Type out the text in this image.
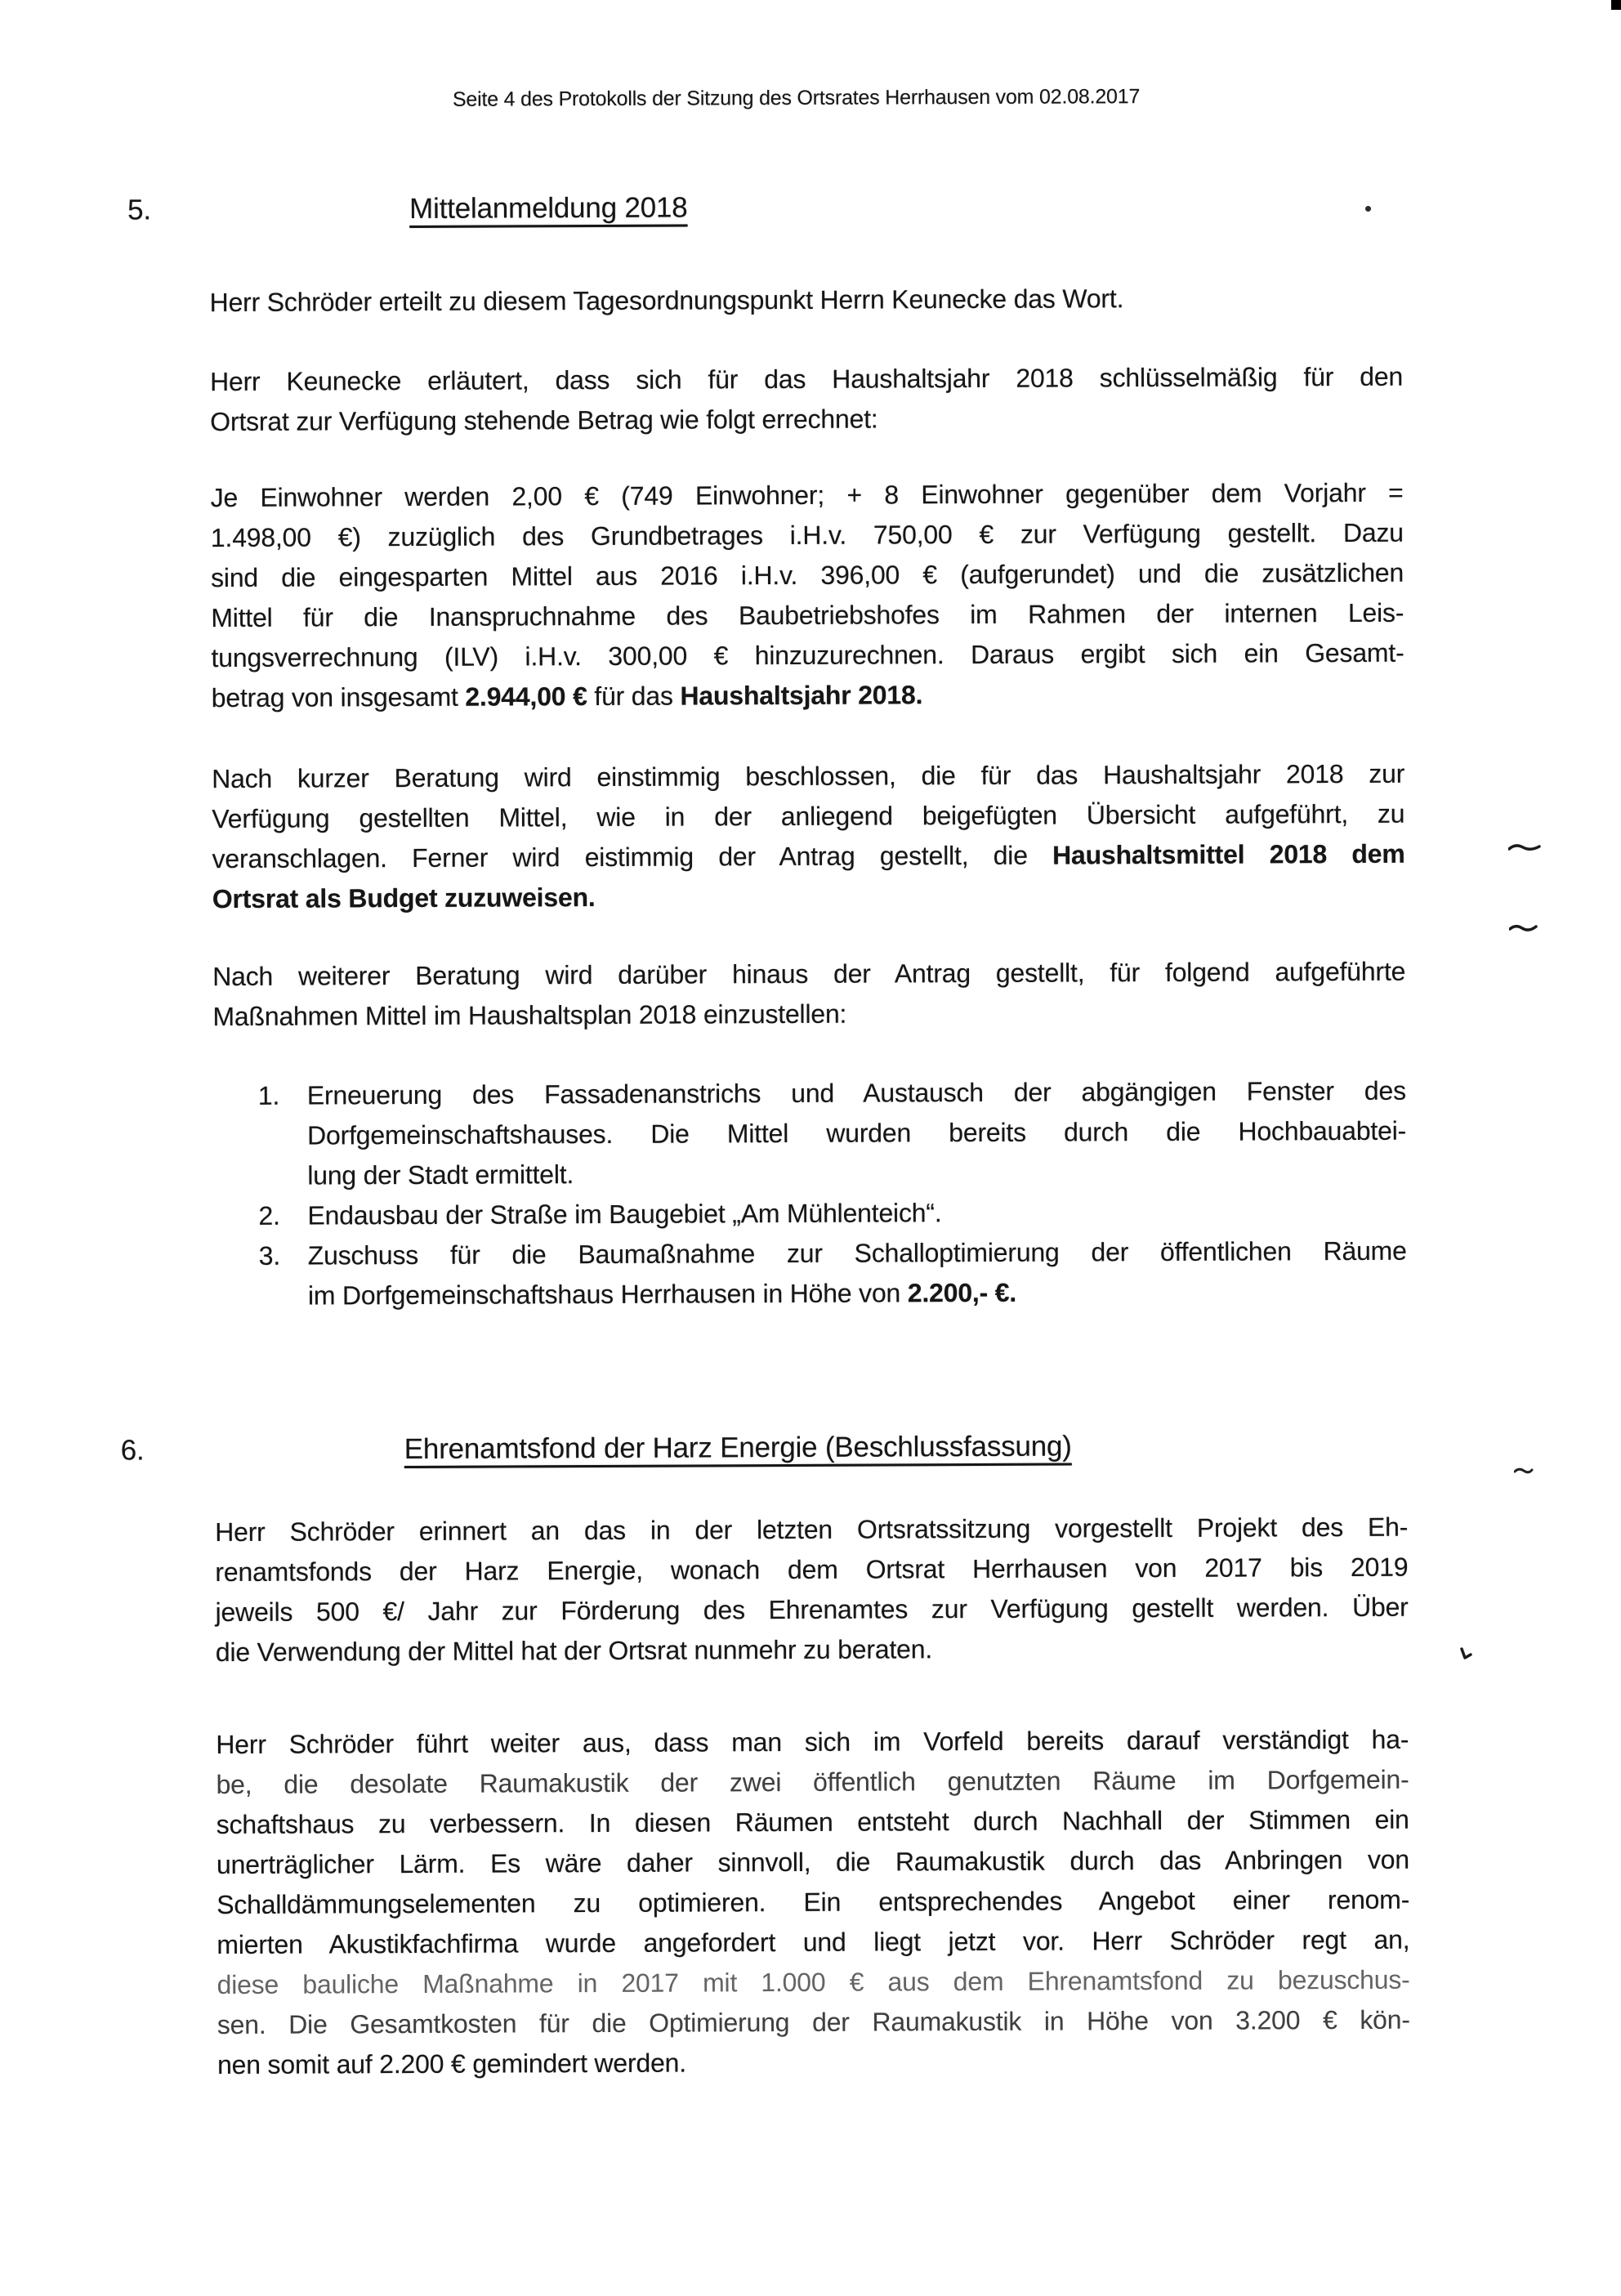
Seite 4 des Protokolls der Sitzung des Ortsrates Herrhausen vom 02.08.2017
5.	Mittelanmeldung 2018
Herr Schröder erteilt zu diesem Tagesordnungspunkt Herrn Keunecke das Wort.
Herr Keunecke erläutert, dass sich für das Haushaltsjahr 2018 schlüsselmäßig für den
Ortsrat zur Verfügung stehende Betrag wie folgt errechnet:
Je Einwohner werden 2,00 € (749 Einwohner; + 8 Einwohner gegenüber dem Vorjahr =
1.498,00 €) zuzüglich des Grundbetrages i.H.v. 750,00 € zur Verfügung gestellt. Dazu
sind die eingesparten Mittel aus 2016 i.H.v. 396,00 € (aufgerundet) und die zusätzlichen
Mittel für die Inanspruchnahme des Baubetriebshofes im Rahmen der internen Leis-
tungsverrechnung (ILV) i.H.v. 300,00 € hinzuzurechnen. Daraus ergibt sich ein Gesamt-
betrag von insgesamt 2.944,00 € für das Haushaltsjahr 2018.
Nach kurzer Beratung wird einstimmig beschlossen, die für das Haushaltsjahr 2018 zur
Verfügung gestellten Mittel, wie in der anliegend beigefügten Übersicht aufgeführt, zu
veranschlagen. Ferner wird eistimmig der Antrag gestellt, die Haushaltsmittel 2018 dem
Ortsrat als Budget zuzuweisen.
Nach weiterer Beratung wird darüber hinaus der Antrag gestellt, für folgend aufgeführte
Maßnahmen Mittel im Haushaltsplan 2018 einzustellen:
1. Erneuerung des Fassadenanstrichs und Austausch der abgängigen Fenster des
Dorfgemeinschaftshauses. Die Mittel wurden bereits durch die Hochbauabtei-
lung der Stadt ermittelt.
2. Endausbau der Straße im Baugebiet „Am Mühlenteich“.
3. Zuschuss für die Baumaßnahme zur Schalloptimierung der öffentlichen Räume
im Dorfgemeinschaftshaus Herrhausen in Höhe von 2.200,- €.
6.	Ehrenamtsfond der Harz Energie (Beschlussfassung)
Herr Schröder erinnert an das in der letzten Ortsratssitzung vorgestellt Projekt des Eh-
renamtsfonds der Harz Energie, wonach dem Ortsrat Herrhausen von 2017 bis 2019
jeweils 500 €/ Jahr zur Förderung des Ehrenamtes zur Verfügung gestellt werden. Über
die Verwendung der Mittel hat der Ortsrat nunmehr zu beraten.
Herr Schröder führt weiter aus, dass man sich im Vorfeld bereits darauf verständigt ha-
be, die desolate Raumakustik der zwei öffentlich genutzten Räume im Dorfgemein-
schaftshaus zu verbessern. In diesen Räumen entsteht durch Nachhall der Stimmen ein
unerträglicher Lärm. Es wäre daher sinnvoll, die Raumakustik durch das Anbringen von
Schalldämmungselementen zu optimieren. Ein entsprechendes Angebot einer renom-
mierten Akustikfachfirma wurde angefordert und liegt jetzt vor. Herr Schröder regt an,
diese bauliche Maßnahme in 2017 mit 1.000 € aus dem Ehrenamtsfond zu bezuschus-
sen. Die Gesamtkosten für die Optimierung der Raumakustik in Höhe von 3.200 € kön-
nen somit auf 2.200 € gemindert werden.
